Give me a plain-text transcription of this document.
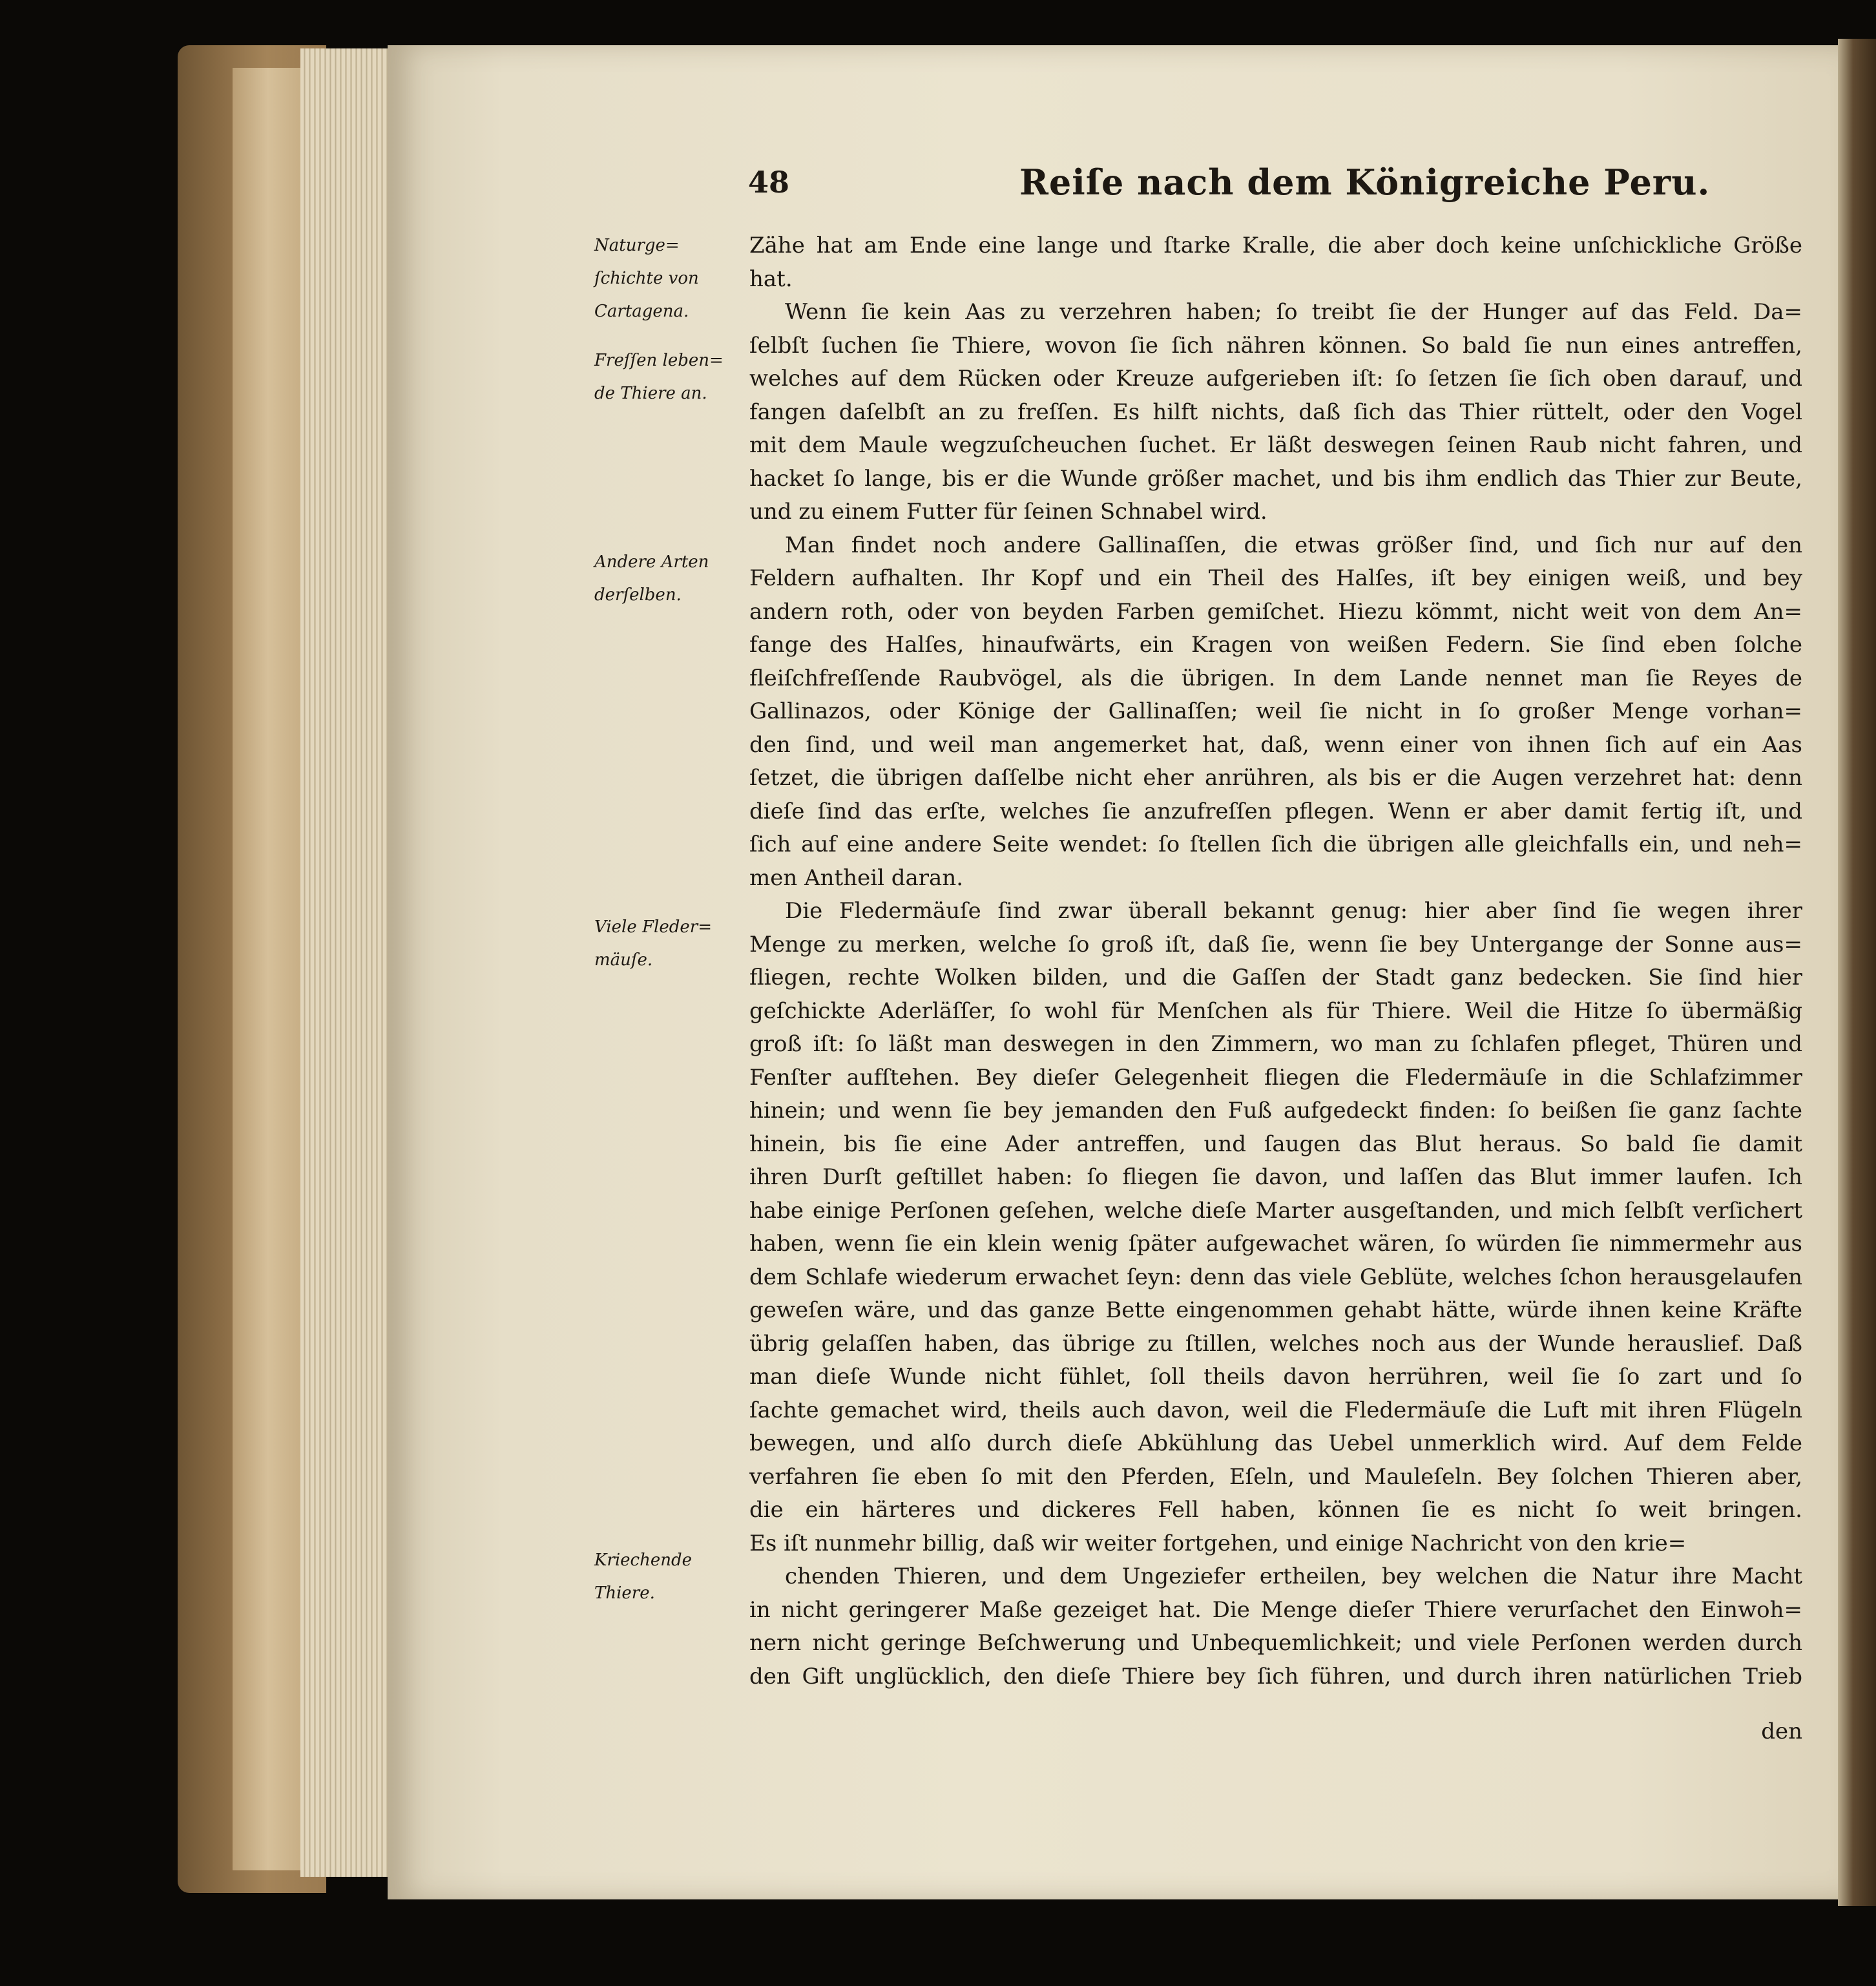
48	Reiſe nach dem Königreiche Peru.

Naturge=
ſchichte von
Cartagena.
Freſſen leben=
de Thiere an.
Andere Arten
derſelben.
Viele Fleder=
mäuſe.
Kriechende
Thiere.
Zähe hat am Ende eine lange und ſtarke Kralle, die aber doch keine unſchickliche Größe
hat.
Wenn ſie kein Aas zu verzehren haben; ſo treibt ſie der Hunger auf das Feld. Da=
ſelbſt ſuchen ſie Thiere, wovon ſie ſich nähren können. So bald ſie nun eines antreffen,
welches auf dem Rücken oder Kreuze aufgerieben iſt: ſo ſetzen ſie ſich oben darauf, und
fangen daſelbſt an zu freſſen. Es hilft nichts, daß ſich das Thier rüttelt, oder den Vogel
mit dem Maule wegzuſcheuchen ſuchet. Er läßt deswegen ſeinen Raub nicht fahren, und
hacket ſo lange, bis er die Wunde größer machet, und bis ihm endlich das Thier zur Beute,
und zu einem Futter für ſeinen Schnabel wird.
Man findet noch andere Gallinaſſen, die etwas größer ſind, und ſich nur auf den
Feldern aufhalten. Ihr Kopf und ein Theil des Halſes, iſt bey einigen weiß, und bey
andern roth, oder von beyden Farben gemiſchet. Hiezu kömmt, nicht weit von dem An=
fange des Halſes, hinaufwärts, ein Kragen von weißen Federn. Sie ſind eben ſolche
fleiſchfreſſende Raubvögel, als die übrigen. In dem Lande nennet man ſie Reyes de
Gallinazos, oder Könige der Gallinaſſen; weil ſie nicht in ſo großer Menge vorhan=
den ſind, und weil man angemerket hat, daß, wenn einer von ihnen ſich auf ein Aas
ſetzet, die übrigen daſſelbe nicht eher anrühren, als bis er die Augen verzehret hat: denn
dieſe ſind das erſte, welches ſie anzufreſſen pflegen. Wenn er aber damit fertig iſt, und
ſich auf eine andere Seite wendet: ſo ſtellen ſich die übrigen alle gleichfalls ein, und neh=
men Antheil daran.
Die Fledermäuſe ſind zwar überall bekannt genug: hier aber ſind ſie wegen ihrer
Menge zu merken, welche ſo groß iſt, daß ſie, wenn ſie bey Untergange der Sonne aus=
fliegen, rechte Wolken bilden, und die Gaſſen der Stadt ganz bedecken. Sie ſind hier
geſchickte Aderläſſer, ſo wohl für Menſchen als für Thiere. Weil die Hitze ſo übermäßig
groß iſt: ſo läßt man deswegen in den Zimmern, wo man zu ſchlafen pfleget, Thüren und
Fenſter aufſtehen. Bey dieſer Gelegenheit fliegen die Fledermäuſe in die Schlafzimmer
hinein; und wenn ſie bey jemanden den Fuß aufgedeckt finden: ſo beißen ſie ganz ſachte
hinein, bis ſie eine Ader antreffen, und ſaugen das Blut heraus. So bald ſie damit
ihren Durſt geſtillet haben: ſo fliegen ſie davon, und laſſen das Blut immer laufen. Ich
habe einige Perſonen geſehen, welche dieſe Marter ausgeſtanden, und mich ſelbſt verſichert
haben, wenn ſie ein klein wenig ſpäter aufgewachet wären, ſo würden ſie nimmermehr aus
dem Schlafe wiederum erwachet ſeyn: denn das viele Geblüte, welches ſchon herausgelaufen
geweſen wäre, und das ganze Bette eingenommen gehabt hätte, würde ihnen keine Kräfte
übrig gelaſſen haben, das übrige zu ſtillen, welches noch aus der Wunde herauslief. Daß
man dieſe Wunde nicht fühlet, ſoll theils davon herrühren, weil ſie ſo zart und ſo
ſachte gemachet wird, theils auch davon, weil die Fledermäuſe die Luft mit ihren Flügeln
bewegen, und alſo durch dieſe Abkühlung das Uebel unmerklich wird. Auf dem Felde
verfahren ſie eben ſo mit den Pferden, Eſeln, und Mauleſeln. Bey ſolchen Thieren aber,
die ein härteres und dickeres Fell haben, können ſie es nicht ſo weit bringen.
Es iſt nunmehr billig, daß wir weiter fortgehen, und einige Nachricht von den krie=
chenden Thieren, und dem Ungeziefer ertheilen, bey welchen die Natur ihre Macht
in nicht geringerer Maße gezeiget hat. Die Menge dieſer Thiere verurſachet den Einwoh=
nern nicht geringe Beſchwerung und Unbequemlichkeit; und viele Perſonen werden durch
den Gift unglücklich, den dieſe Thiere bey ſich führen, und durch ihren natürlichen Trieb
den
